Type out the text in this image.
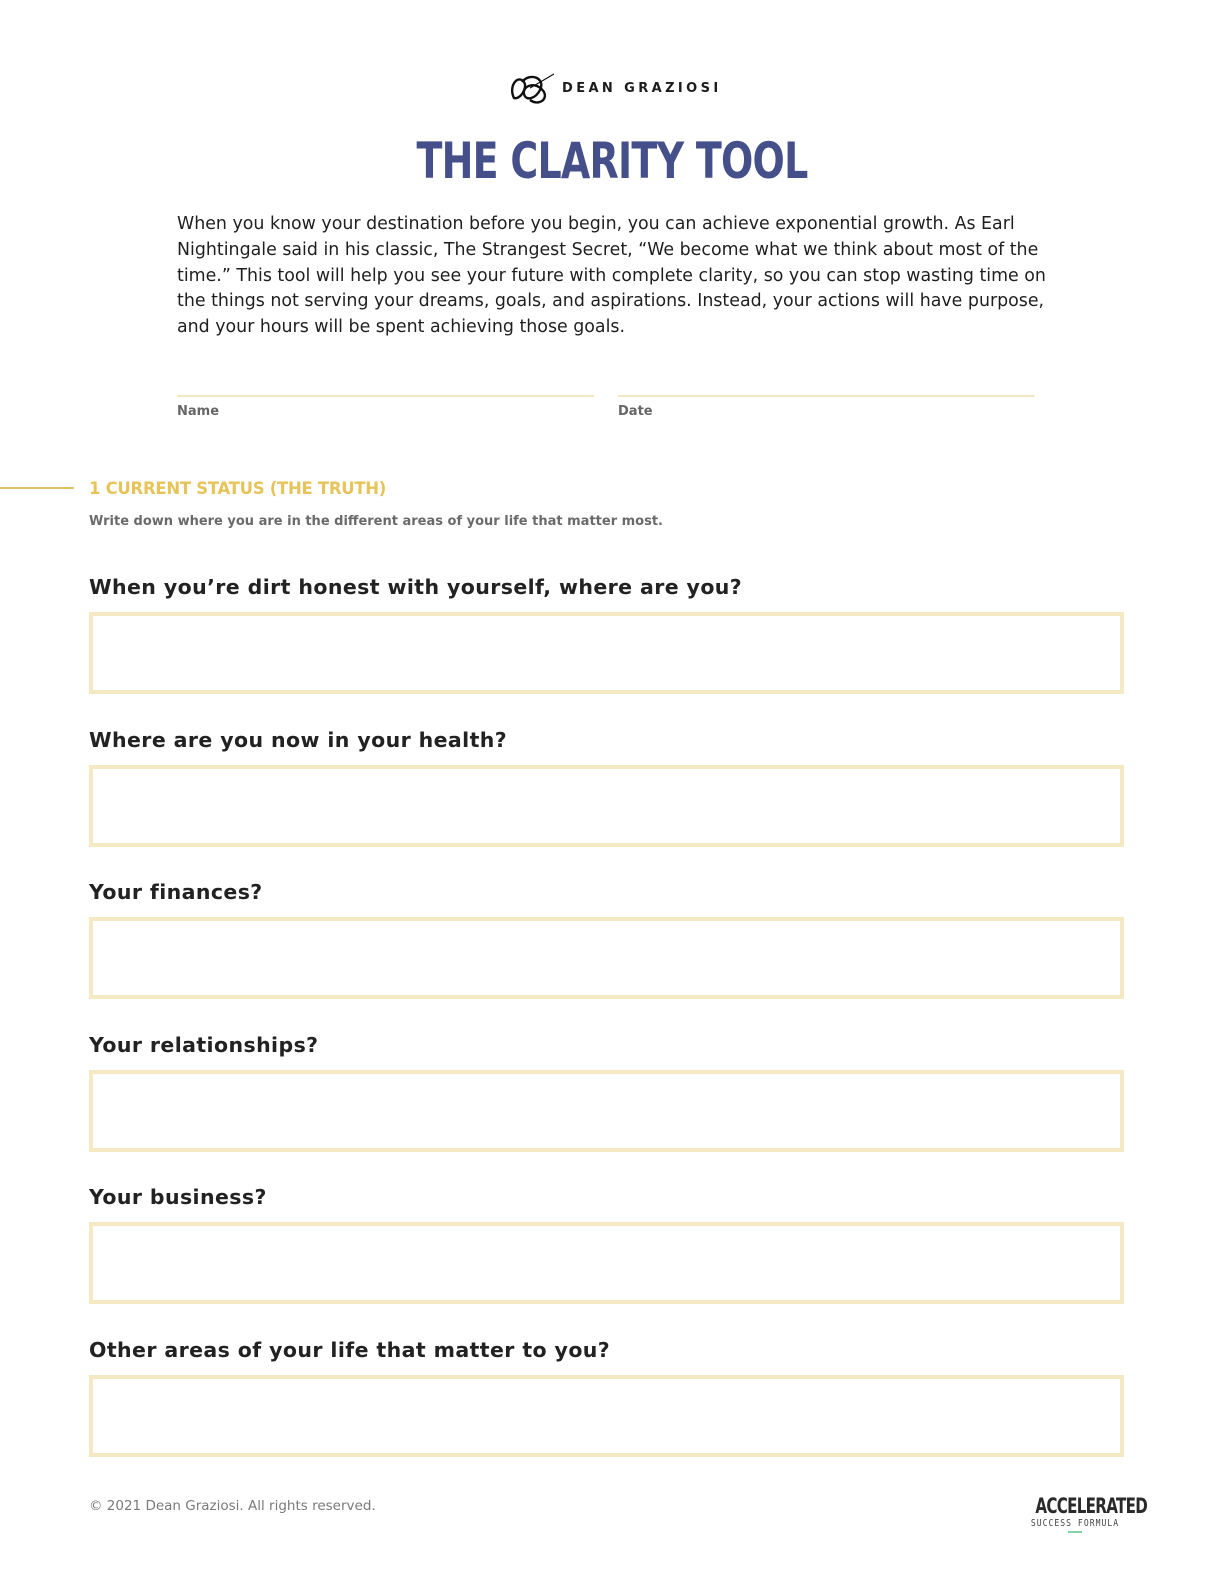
DEAN GRAZIOSI
THE CLARITY TOOL

When you know your destination before you begin, you can achieve exponential growth. As Earl Nightingale said in his classic, The Strangest Secret, “We become what we think about most of the time.” This tool will help you see your future with complete clarity, so you can stop wasting time on the things not serving your dreams, goals, and aspirations. Instead, your actions will have purpose, and your hours will be spent achieving those goals.

Name	Date
1 CURRENT STATUS (THE TRUTH)
Write down where you are in the different areas of your life that matter most.
When you’re dirt honest with yourself, where are you?
Where are you now in your health?
Your finances?
Your relationships?
Your business?
Other areas of your life that matter to you?
© 2021 Dean Graziosi. All rights reserved.	ACCELERATED
SUCCESS FORMULA
